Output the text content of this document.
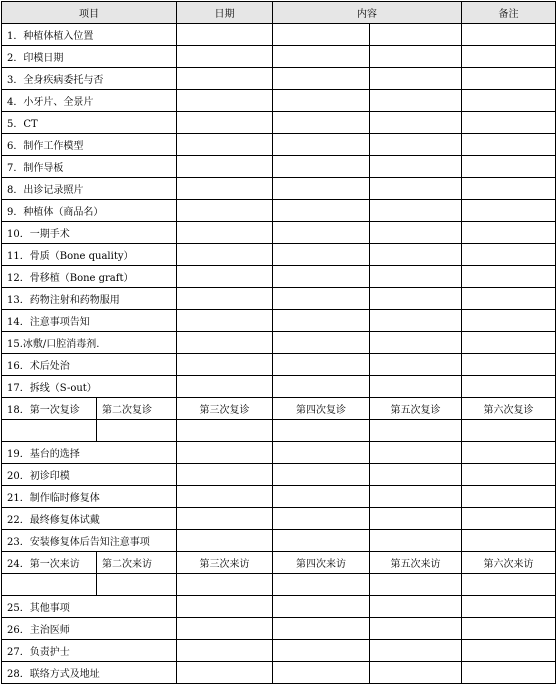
项目		日期	内容		备注
1．种植体植入位置					
2．印模日期					
3．全身疾病委托与否					
4．小牙片、全景片					
5．CT					
6．制作工作模型					
7．制作导板					
8．出诊记录照片					
9．种植体（商品名）					
10．一期手术					
11．骨质（Bone quality）					
12．骨移植（Bone graft）					
13．药物注射和药物服用					
14．注意事项告知					
15.冰敷/口腔消毒剂.					
16．术后处治					
17．拆线（S-out）					
18．第一次复诊	第二次复诊	第三次复诊	第四次复诊	第五次复诊	第六次复诊

19．基台的选择					
20．初诊印模					
21．制作临时修复体					
22．最终修复体试戴					
23．安装修复体后告知注意事项					
24．第一次来访	第二次来访	第三次来访	第四次来访	第五次来访	第六次来访

25．其他事项					
26．主治医师					
27．负责护士					
28．联络方式及地址					
